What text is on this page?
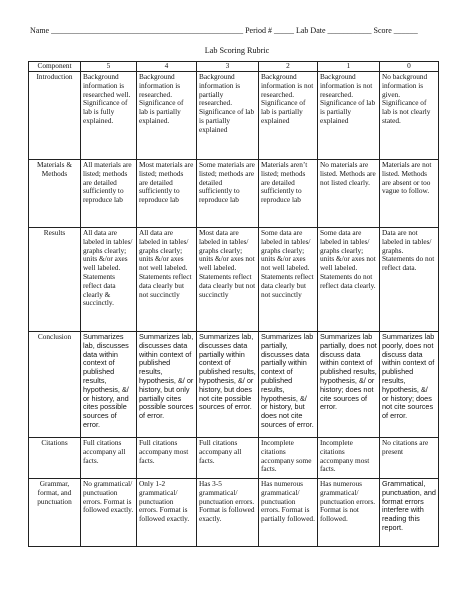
Name ________________________________________________ Period # _____ Lab Date ___________ Score ______
Lab Scoring Rubric
Component	5	4	3	2	1	0
Introduction	Background information is researched well. Significance of lab is fully explained.	Background information is researched. Significance of lab is partially explained.	Background information is partially researched. Significance of lab is partially explained	Background information is not researched. Significance of lab is partially explained	Background information is not researched. Significance of lab is partially explained	No background information is given. Significance of lab is not clearly stated.
Materials & Methods	All materials are listed; methods are detailed sufficiently to reproduce lab	Most materials are listed; methods are detailed sufficiently to reproduce lab	Some materials are listed; methods are detailed sufficiently to reproduce lab	Materials aren’t listed; methods are detailed sufficiently to reproduce lab	No materials are listed. Methods are not listed clearly.	Materials are not listed. Methods are absent or too vague to follow.
Results	All data are labeled in tables/ graphs clearly; units &/or axes well labeled. Statements reflect data clearly & succinctly.	All data are labeled in tables/ graphs clearly; units &/or axes not well labeled. Statements reflect data clearly but not succinctly	Most data are labeled in tables/ graphs clearly; units &/or axes not well labeled. Statements reflect data clearly but not succinctly	Some data are labeled in tables/ graphs clearly; units &/or axes not well labeled. Statements reflect data clearly but not succinctly	Some data are labeled in tables/ graphs clearly; units &/or axes not well labeled. Statements do not reflect data clearly.	Data are not labeled in tables/ graphs. Statements do not reflect data.
Conclusion	Summarizes lab, discusses data within context of published results, hypothesis, &/ or history, and cites possible sources of error.	Summarizes lab, discusses data within context of published results, hypothesis, &/ or history, but only partially cites possible sources of error.	Summarizes lab, discusses data partially within context of published results, hypothesis, &/ or history, but does not cite possible sources of error.	Summarizes lab partially, discusses data partially within context of published results, hypothesis, &/ or history, but does not cite sources of error.	Summarizes lab partially, does not discuss data within context of published results, hypothesis, &/ or history; does not cite sources of error.	Summarizes lab poorly, does not discuss data within context of published results, hypothesis, &/ or history; does not cite sources of error.
Citations	Full citations accompany all facts.	Full citations accompany most facts.	Full citations accompany all facts.	Incomplete citations accompany some facts.	Incomplete citations accompany most facts.	No citations are present
Grammar, format, and punctuation	No grammatical/ punctuation errors. Format is followed exactly.	Only 1-2 grammatical/ punctuation errors. Format is followed exactly.	Has 3-5 grammatical/ punctuation errors. Format is followed exactly.	Has numerous grammatical/ punctuation errors. Format is partially followed.	Has numerous grammatical/ punctuation errors. Format is not followed.	Grammatical, punctuation, and format errors interfere with reading this report.
